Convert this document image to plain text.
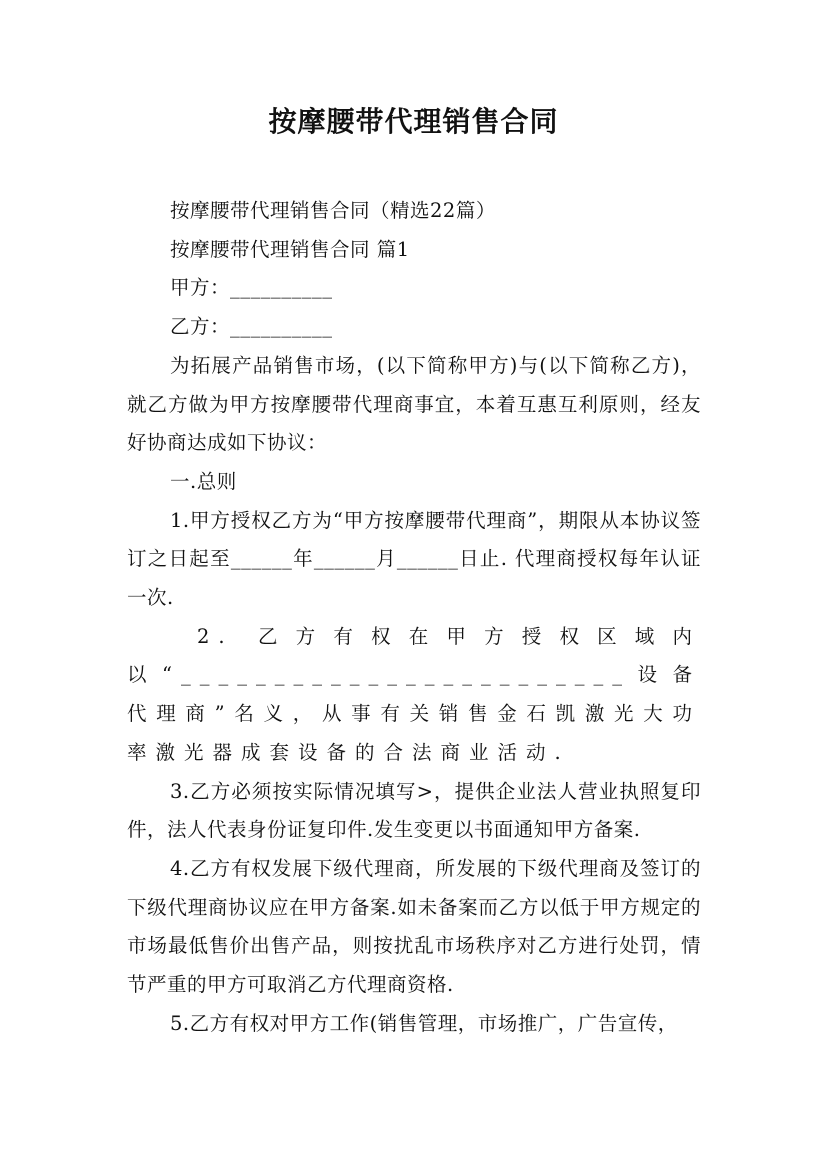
按摩腰带代理销售合同

按摩腰带代理销售合同（精选22篇）

按摩腰带代理销售合同 篇1

甲方：__________

乙方：__________

为拓展产品销售市场，(以下简称甲方)与(以下简称乙方)，就乙方做为甲方按摩腰带代理商事宜，本着互惠互利原则，经友好协商达成如下协议：

一.总则

1.甲方授权乙方为“甲方按摩腰带代理商”，期限从本协议签订之日起至______年______月______日止. 代理商授权每年认证一次.

2. 乙方有权在甲方授权区域内以“________________________设备代理商”名义，从事有关销售金石凯激光大功率激光器成套设备的合法商业活动.

3.乙方必须按实际情况填写>，提供企业法人营业执照复印件，法人代表身份证复印件.发生变更以书面通知甲方备案.

4.乙方有权发展下级代理商，所发展的下级代理商及签订的下级代理商协议应在甲方备案.如未备案而乙方以低于甲方规定的市场最低售价出售产品，则按扰乱市场秩序对乙方进行处罚，情节严重的甲方可取消乙方代理商资格.

5.乙方有权对甲方工作(销售管理，市场推广，广告宣传，
